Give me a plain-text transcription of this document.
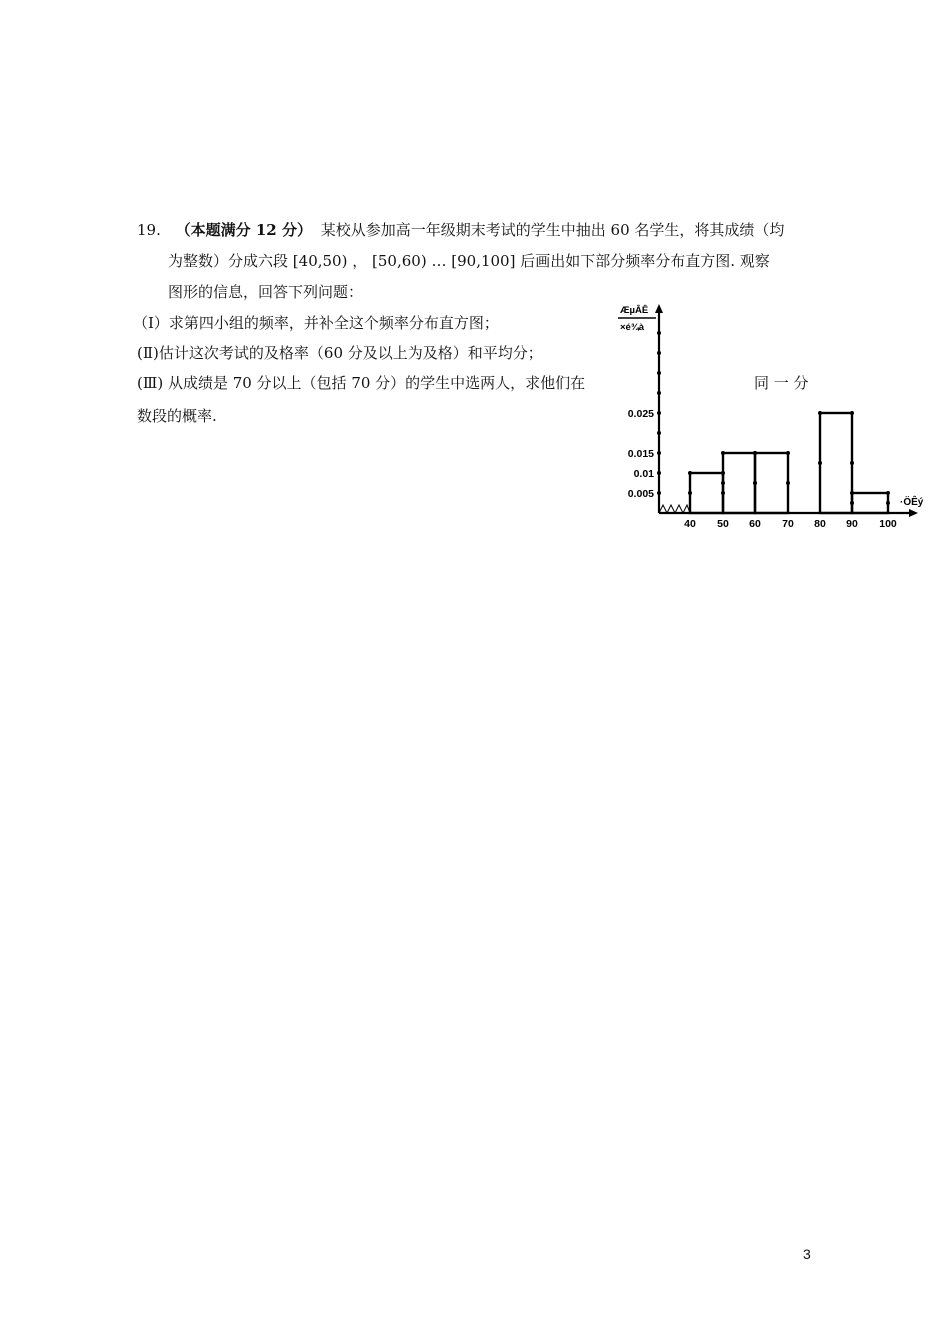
19. （本题满分 12 分） 某校从参加高一年级期末考试的学生中抽出 60 名学生，将其成绩（均
为整数）分成六段 [40,50) ， [50,60) … [90,100] 后画出如下部分频率分布直方图. 观察
图形的信息，回答下列问题：
（Ⅰ）求第四小组的频率，并补全这个频率分布直方图；
(Ⅱ)估计这次考试的及格率（60 分及以上为及格）和平均分；
(Ⅲ) 从成绩是 70 分以上（包括 70 分）的学生中选两人，求他们在	同 一 分
数段的概率.
ÆµÂÊ
×é¾à
·ÖÊý
0.025
0.015
0.01
0.005
40 50 60 70 80 90 100
3
